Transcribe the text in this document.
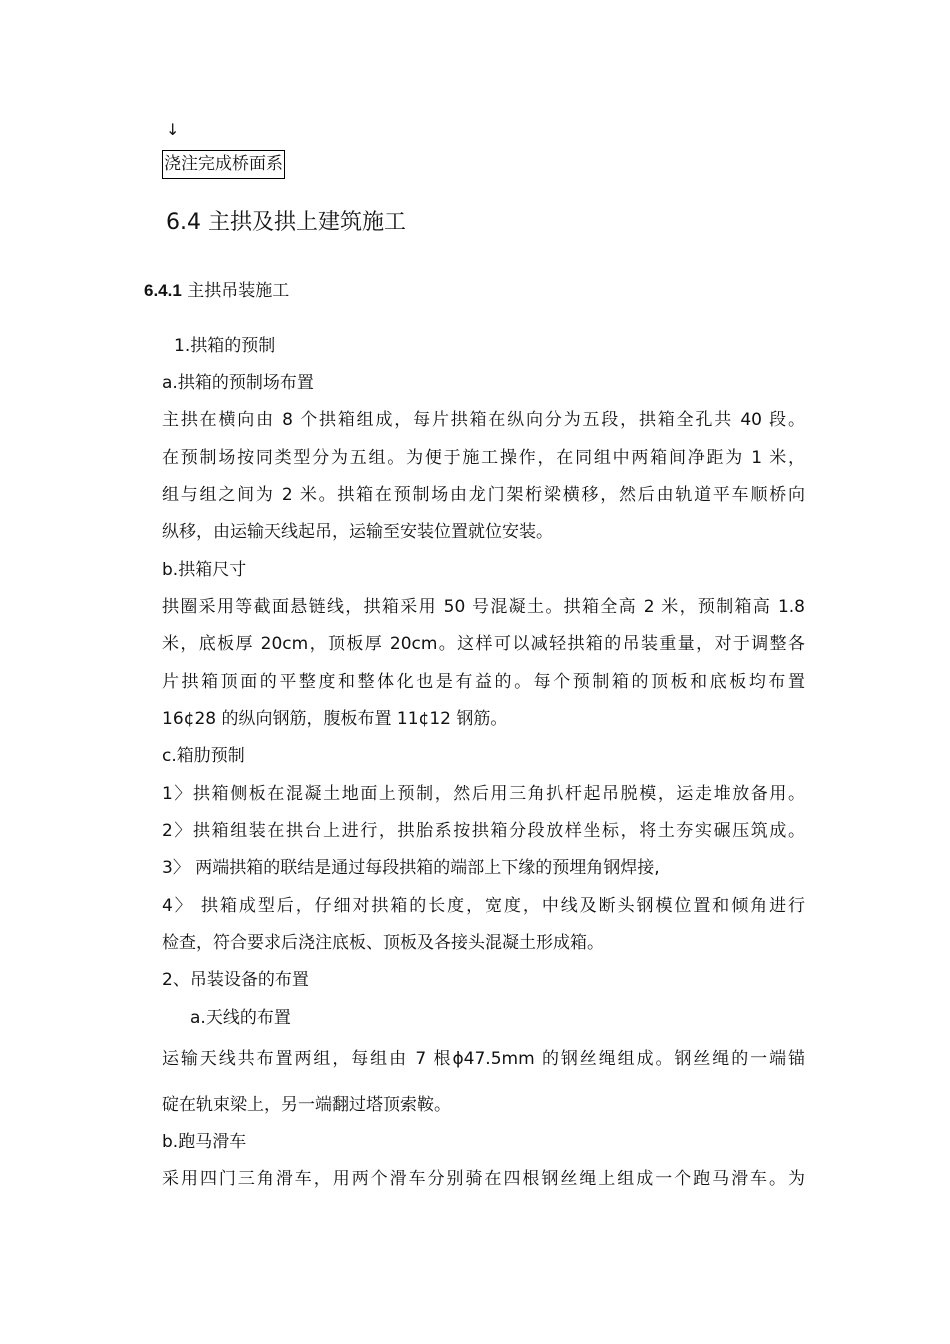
↓
浇注完成桥面系
6.4 主拱及拱上建筑施工
6.4.1 主拱吊装施工
1.拱箱的预制
a.拱箱的预制场布置
主拱在横向由 8 个拱箱组成，每片拱箱在纵向分为五段，拱箱全孔共 40 段。
在预制场按同类型分为五组。为便于施工操作，在同组中两箱间净距为 1 米，
组与组之间为 2 米。拱箱在预制场由龙门架桁梁横移，然后由轨道平车顺桥向
纵移，由运输天线起吊，运输至安装位置就位安装。
b.拱箱尺寸
拱圈采用等截面悬链线，拱箱采用 50 号混凝土。拱箱全高 2 米，预制箱高 1.8
米，底板厚 20cm，顶板厚 20cm。这样可以减轻拱箱的吊装重量，对于调整各
片拱箱顶面的平整度和整体化也是有益的。每个预制箱的顶板和底板均布置
16¢28 的纵向钢筋，腹板布置 11¢12 钢筋。
c.箱肋预制
1〉拱箱侧板在混凝土地面上预制，然后用三角扒杆起吊脱模，运走堆放备用。
2〉拱箱组装在拱台上进行，拱胎系按拱箱分段放样坐标，将土夯实碾压筑成。
3〉 两端拱箱的联结是通过每段拱箱的端部上下缘的预埋角钢焊接,
4〉 拱箱成型后，仔细对拱箱的长度，宽度，中线及断头钢模位置和倾角进行
检查，符合要求后浇注底板、顶板及各接头混凝土形成箱。
2、吊装设备的布置
a.天线的布置
运输天线共布置两组，每组由 7 根ϕ47.5mm 的钢丝绳组成。钢丝绳的一端锚
碇在轨束梁上，另一端翻过塔顶索鞍。
b.跑马滑车
采用四门三角滑车，用两个滑车分别骑在四根钢丝绳上组成一个跑马滑车。为
